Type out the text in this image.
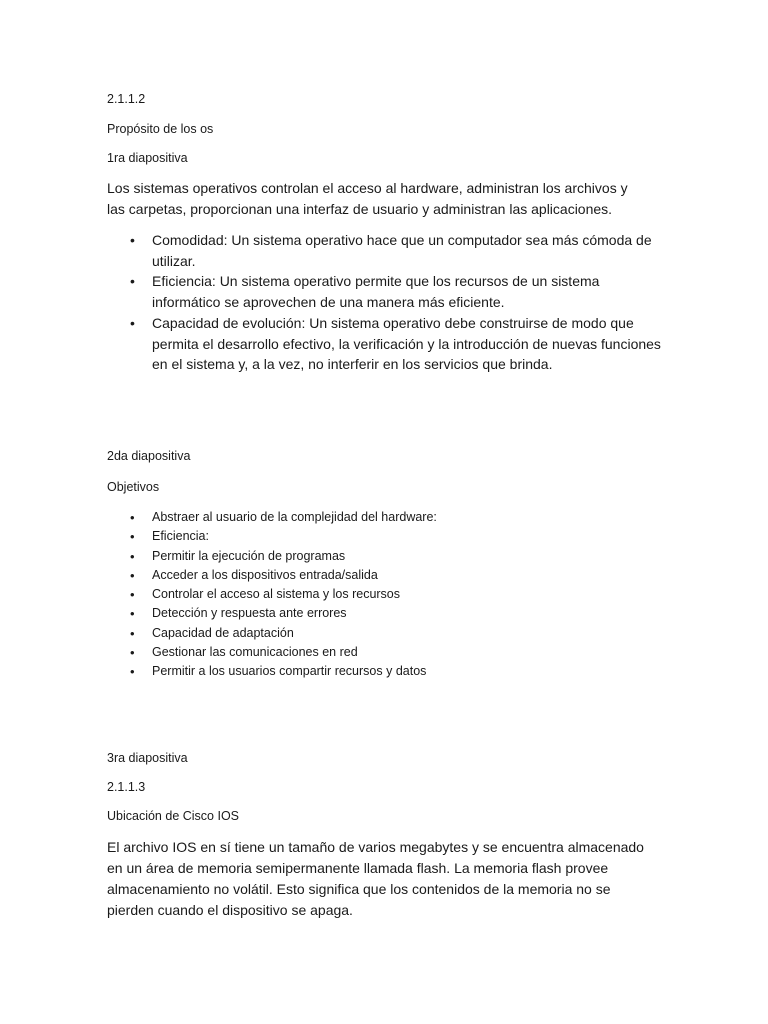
2.1.1.2

Propósito de los os

1ra diapositiva

Los sistemas operativos controlan el acceso al hardware, administran los archivos y las carpetas, proporcionan una interfaz de usuario y administran las aplicaciones.

• Comodidad: Un sistema operativo hace que un computador sea más cómoda de utilizar.
• Eficiencia: Un sistema operativo permite que los recursos de un sistema informático se aprovechen de una manera más eficiente.
• Capacidad de evolución: Un sistema operativo debe construirse de modo que permita el desarrollo efectivo, la verificación y la introducción de nuevas funciones en el sistema y, a la vez, no interferir en los servicios que brinda.

2da diapositiva

Objetivos

• Abstraer al usuario de la complejidad del hardware:
• Eficiencia:
• Permitir la ejecución de programas
• Acceder a los dispositivos entrada/salida
• Controlar el acceso al sistema y los recursos
• Detección y respuesta ante errores
• Capacidad de adaptación
• Gestionar las comunicaciones en red
• Permitir a los usuarios compartir recursos y datos

3ra diapositiva

2.1.1.3

Ubicación de Cisco IOS

El archivo IOS en sí tiene un tamaño de varios megabytes y se encuentra almacenado en un área de memoria semipermanente llamada flash. La memoria flash provee almacenamiento no volátil. Esto significa que los contenidos de la memoria no se pierden cuando el dispositivo se apaga.
